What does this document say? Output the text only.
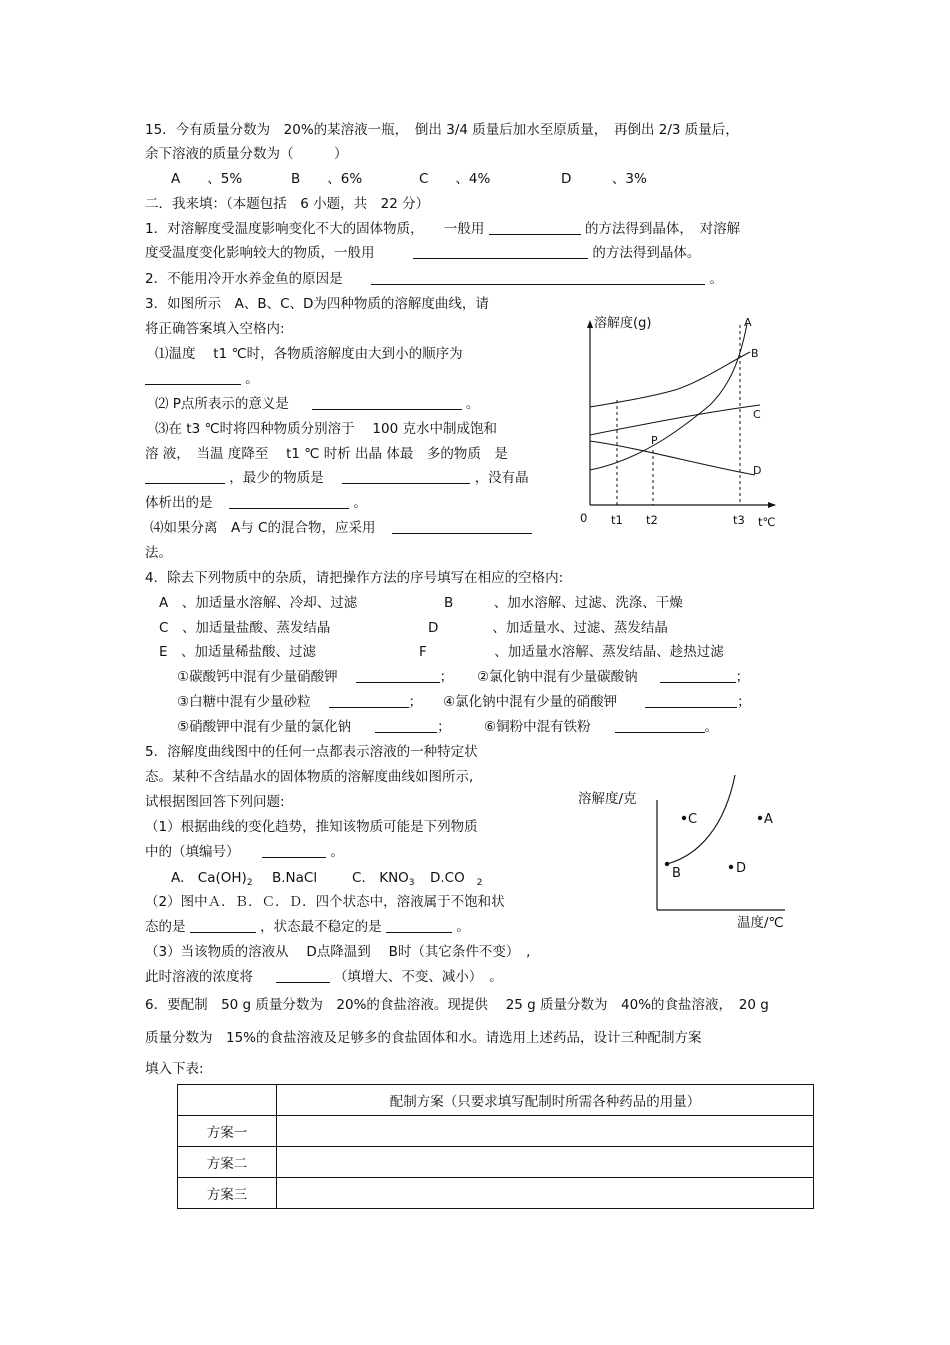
15．今有质量分数为　20%的某溶液一瓶，　倒出 3/4 质量后加水至原质量，　再倒出 2/3 质量后，
余下溶液的质量分数为（　　　）
A　　、5%	B　　、6%	C　　、4%	D　　　、3%
二．我来填：（本题包括　6 小题，共　22 分）
1．对溶解度受温度影响变化不大的固体物质，　　一般用	的方法得到晶体，　对溶解
度受温度变化影响较大的物质，一般用	的方法得到晶体。
2．不能用冷开水养金鱼的原因是	。
3．如图所示　A、B、C、D为四种物质的溶解度曲线，请
将正确答案填入空格内:
⑴温度　 t1 ℃时，各物质溶解度由大到小的顺序为
。
⑵ P点所表示的意义是	。
⑶在 t3 ℃时将四种物质分别溶于　 100 克水中制成饱和
溶 液，　当温 度降至　 t1 ℃ 时析 出晶 体最　多的物质　是
，最少的物质是	，没有晶
体析出的是	。
⑷如果分离　A与 C的混合物，应采用
法。
溶解度(g)
0 t1 t2	t3 t℃
A
B
C
D
P
4．除去下列物质中的杂质，请把操作方法的序号填写在相应的空格内:
A　 、加适量水溶解、冷却、过滤	B　　　	、加水溶解、过滤、洗涤、干燥
C　 、加适量盐酸、蒸发结晶	D　　　　	、加适量水、过滤、蒸发结晶
E　 、加适量稀盐酸、过滤	F　　　　　	、加适量水溶解、蒸发结晶、趁热过滤
①碳酸钙中混有少量硝酸钾	； ②氯化钠中混有少量碳酸钠	；
③白糖中混有少量砂粒	； ④氯化钠中混有少量的硝酸钾	；
⑤硝酸钾中混有少量的氯化钠	； ⑥铜粉中混有铁粉	。
5．溶解度曲线图中的任何一点都表示溶液的一种特定状
态。某种不含结晶水的固体物质的溶解度曲线如图所示,
试根据图回答下列问题:
（1）根据曲线的变化趋势，推知该物质可能是下列物质
中的（填编号）	。
A.　$Ca(OH)_2$ B.NaCl	C.　$KNO_3$ D.CO $_2$
（2）图中Ａ．Ｂ．Ｃ．Ｄ．四个状态中，溶液属于不饱和状
态的是	，状态最不稳定的是	。
（3）当该物质的溶液从　 D点降温到　 B时（其它条件不变）　,
此时溶液的浓度将	（填增大、不变、减小）　。
溶解度/克
温度/℃
C	A
B	D
6．要配制　50 g 质量分数为　20%的食盐溶液。现提供　 25 g 质量分数为　40%的食盐溶液，　20 g
质量分数为　15%的食盐溶液及足够多的食盐固体和水。请选用上述药品，设计三种配制方案
填入下表:
	配制方案（只要求填写配制时所需各种药品的用量）
方案一	
方案二	
方案三	
